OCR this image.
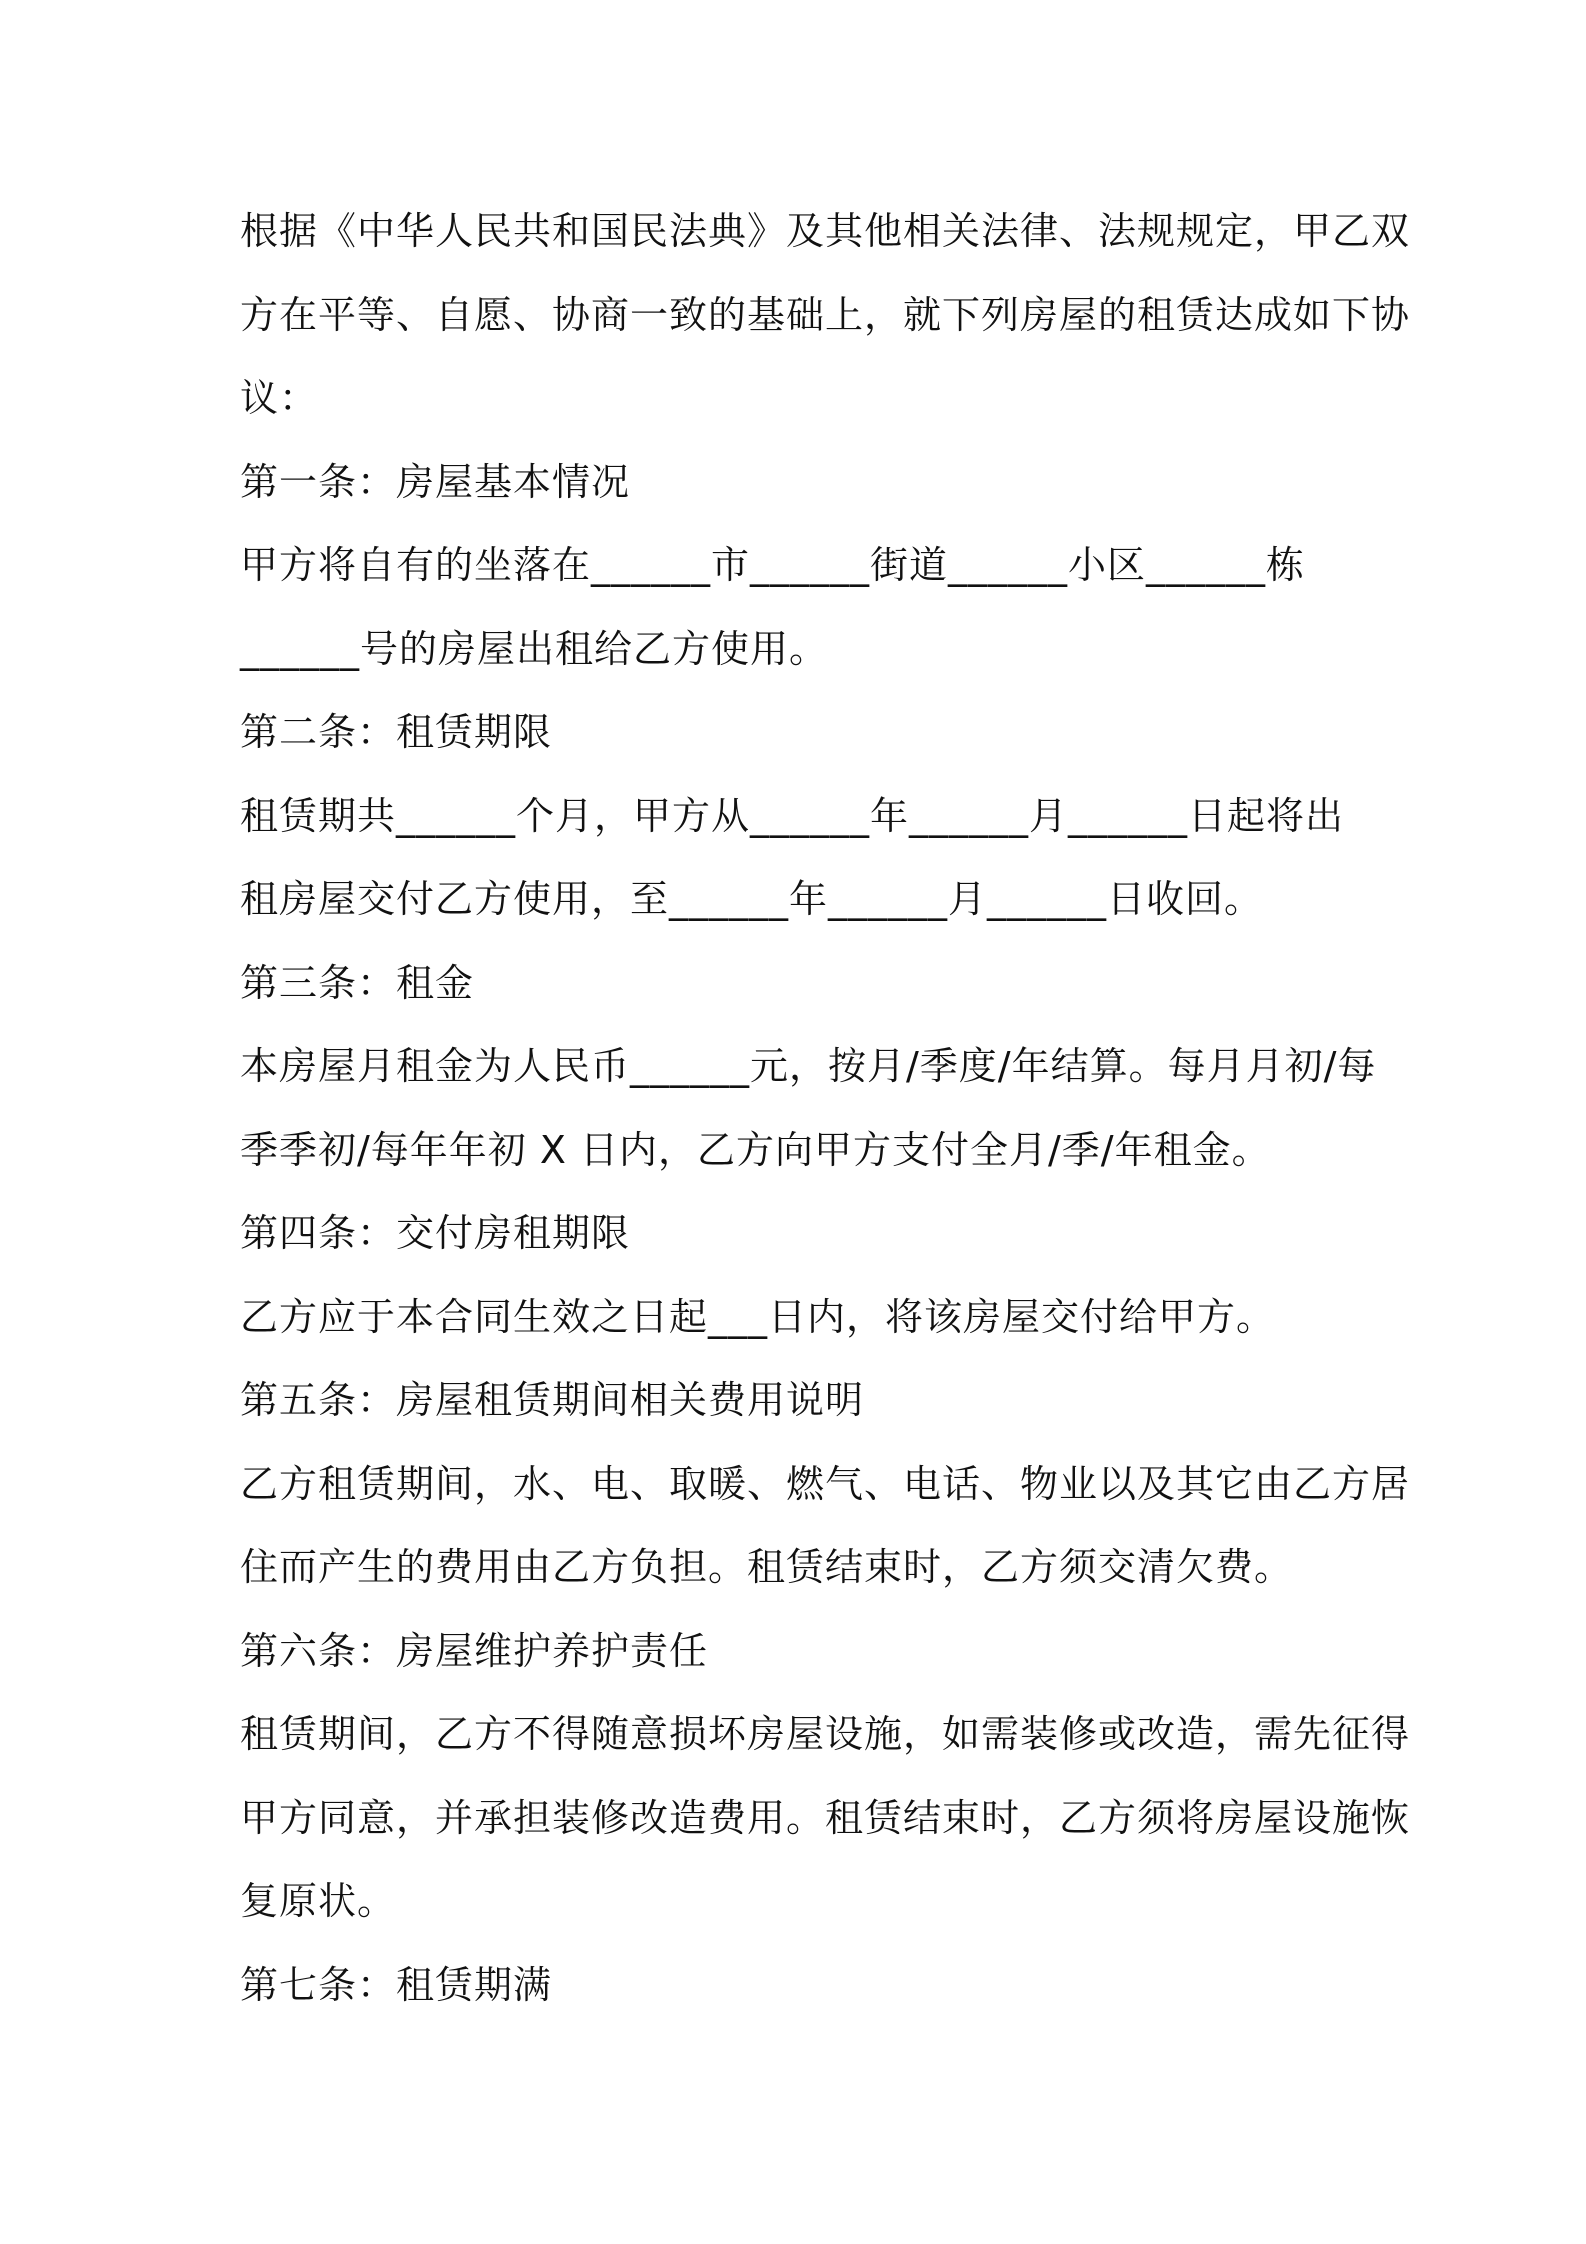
根据《中华人民共和国民法典》及其他相关法律、法规规定，甲乙双
方在平等、自愿、协商一致的基础上，就下列房屋的租赁达成如下协
议：
第一条：房屋基本情况
甲方将自有的坐落在______市______街道______小区______栋
______号的房屋出租给乙方使用。
第二条：租赁期限
租赁期共______个月，甲方从______年______月______日起将出
租房屋交付乙方使用，至______年______月______日收回。
第三条：租金
本房屋月租金为人民币______元，按月/季度/年结算。每月月初/每
季季初/每年年初 X 日内，乙方向甲方支付全月/季/年租金。
第四条：交付房租期限
乙方应于本合同生效之日起___日内，将该房屋交付给甲方。
第五条：房屋租赁期间相关费用说明
乙方租赁期间，水、电、取暖、燃气、电话、物业以及其它由乙方居
住而产生的费用由乙方负担。租赁结束时，乙方须交清欠费。
第六条：房屋维护养护责任
租赁期间，乙方不得随意损坏房屋设施，如需装修或改造，需先征得
甲方同意，并承担装修改造费用。租赁结束时，乙方须将房屋设施恢
复原状。
第七条：租赁期满
